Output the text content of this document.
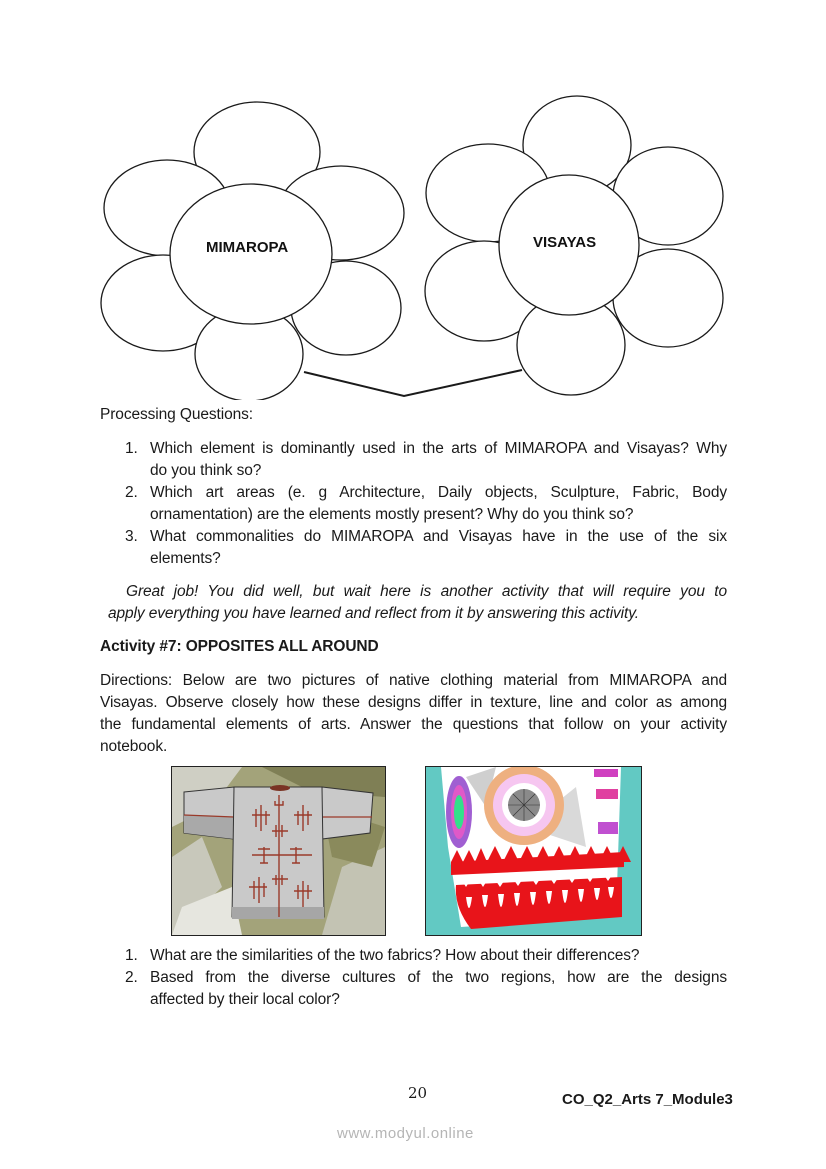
MIMAROPA	VISAYAS
Processing Questions:
1. Which element is dominantly used in the arts of MIMAROPA and Visayas? Why
do you think so?
2. Which art areas (e. g Architecture, Daily objects, Sculpture, Fabric, Body
ornamentation) are the elements mostly present? Why do you think so?
3. What commonalities do MIMAROPA and Visayas have in the use of the six
elements?
Great job! You did well, but wait here is another activity that will require you to
apply everything you have learned and reflect from it by answering this activity.
Activity #7: OPPOSITES ALL AROUND
Directions: Below are two pictures of native clothing material from MIMAROPA and
Visayas. Observe closely how these designs differ in texture, line and color as among
the fundamental elements of arts. Answer the questions that follow on your activity
notebook.
1. What are the similarities of the two fabrics? How about their differences?
2. Based from the diverse cultures of the two regions, how are the designs
affected by their local color?
20	CO_Q2_Arts 7_Module3
www.modyul.online
